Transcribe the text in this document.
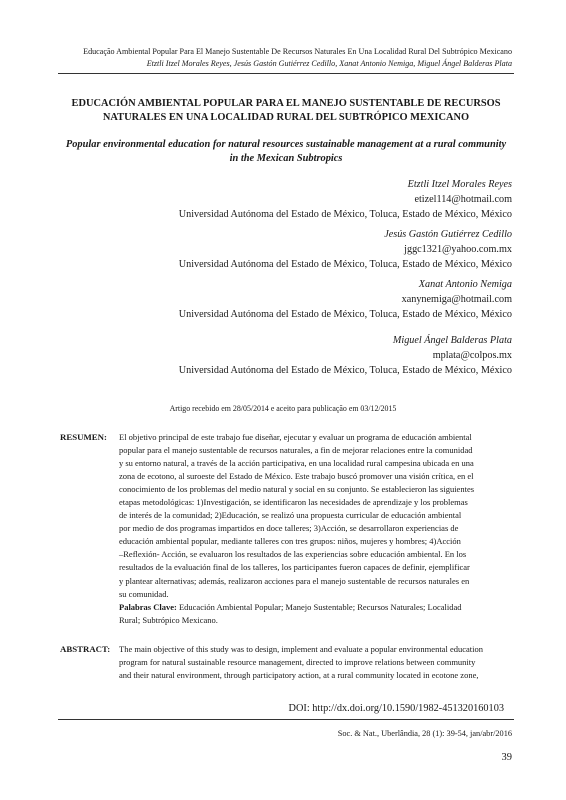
Educação Ambiental Popular Para El Manejo Sustentable De Recursos Naturales En Una Localidad Rural Del Subtrópico Mexicano
Etztli Itzel Morales Reyes, Jesús Gastón Gutiérrez Cedillo, Xanat Antonio Nemiga, Miguel Ángel Balderas Plata
EDUCACIÓN AMBIENTAL POPULAR PARA EL MANEJO SUSTENTABLE DE RECURSOS
NATURALES EN UNA LOCALIDAD RURAL DEL SUBTRÓPICO MEXICANO
Popular environmental education for natural resources sustainable management at a rural community
in the Mexican Subtropics
Etztli Itzel Morales Reyes
etizel114@hotmail.com
Universidad Autónoma del Estado de México, Toluca, Estado de México, México
Jesús Gastón Gutiérrez Cedillo
jggc1321@yahoo.com.mx
Universidad Autónoma del Estado de México, Toluca, Estado de México, México
Xanat Antonio Nemiga
xanynemiga@hotmail.com
Universidad Autónoma del Estado de México, Toluca, Estado de México, México
Miguel Ángel Balderas Plata
mplata@colpos.mx
Universidad Autónoma del Estado de México, Toluca, Estado de México, México
Artigo recebido em 28/05/2014 e aceito para publicação em 03/12/2015
RESUMEN: El objetivo principal de este trabajo fue diseñar, ejecutar y evaluar un programa de educación ambiental
popular para el manejo sustentable de recursos naturales, a fin de mejorar relaciones entre la comunidad
y su entorno natural, a través de la acción participativa, en una localidad rural campesina ubicada en una
zona de ecotono, al suroeste del Estado de México. Este trabajo buscó promover una visión crítica, en el
conocimiento de los problemas del medio natural y social en su conjunto. Se establecieron las siguientes
etapas metodológicas: 1)Investigación, se identificaron las necesidades de aprendizaje y los problemas
de interés de la comunidad; 2)Educación, se realizó una propuesta curricular de educación ambiental
por medio de dos programas impartidos en doce talleres; 3)Acción, se desarrollaron experiencias de
educación ambiental popular, mediante talleres con tres grupos: niños, mujeres y hombres; 4)Acción
–Reflexión- Acción, se evaluaron los resultados de las experiencias sobre educación ambiental. En los
resultados de la evaluación final de los talleres, los participantes fueron capaces de definir, ejemplificar
y plantear alternativas; además, realizaron acciones para el manejo sustentable de recursos naturales en
su comunidad.
Palabras Clave: Educación Ambiental Popular; Manejo Sustentable; Recursos Naturales; Localidad
Rural; Subtrópico Mexicano.
ABSTRACT: The main objective of this study was to design, implement and evaluate a popular environmental education
program for natural sustainable resource management, directed to improve relations between community
and their natural environment, through participatory action, at a rural community located in ecotone zone,
DOI: http://dx.doi.org/10.1590/1982-451320160103
Soc. & Nat., Uberlândia, 28 (1): 39-54, jan/abr/2016
39
